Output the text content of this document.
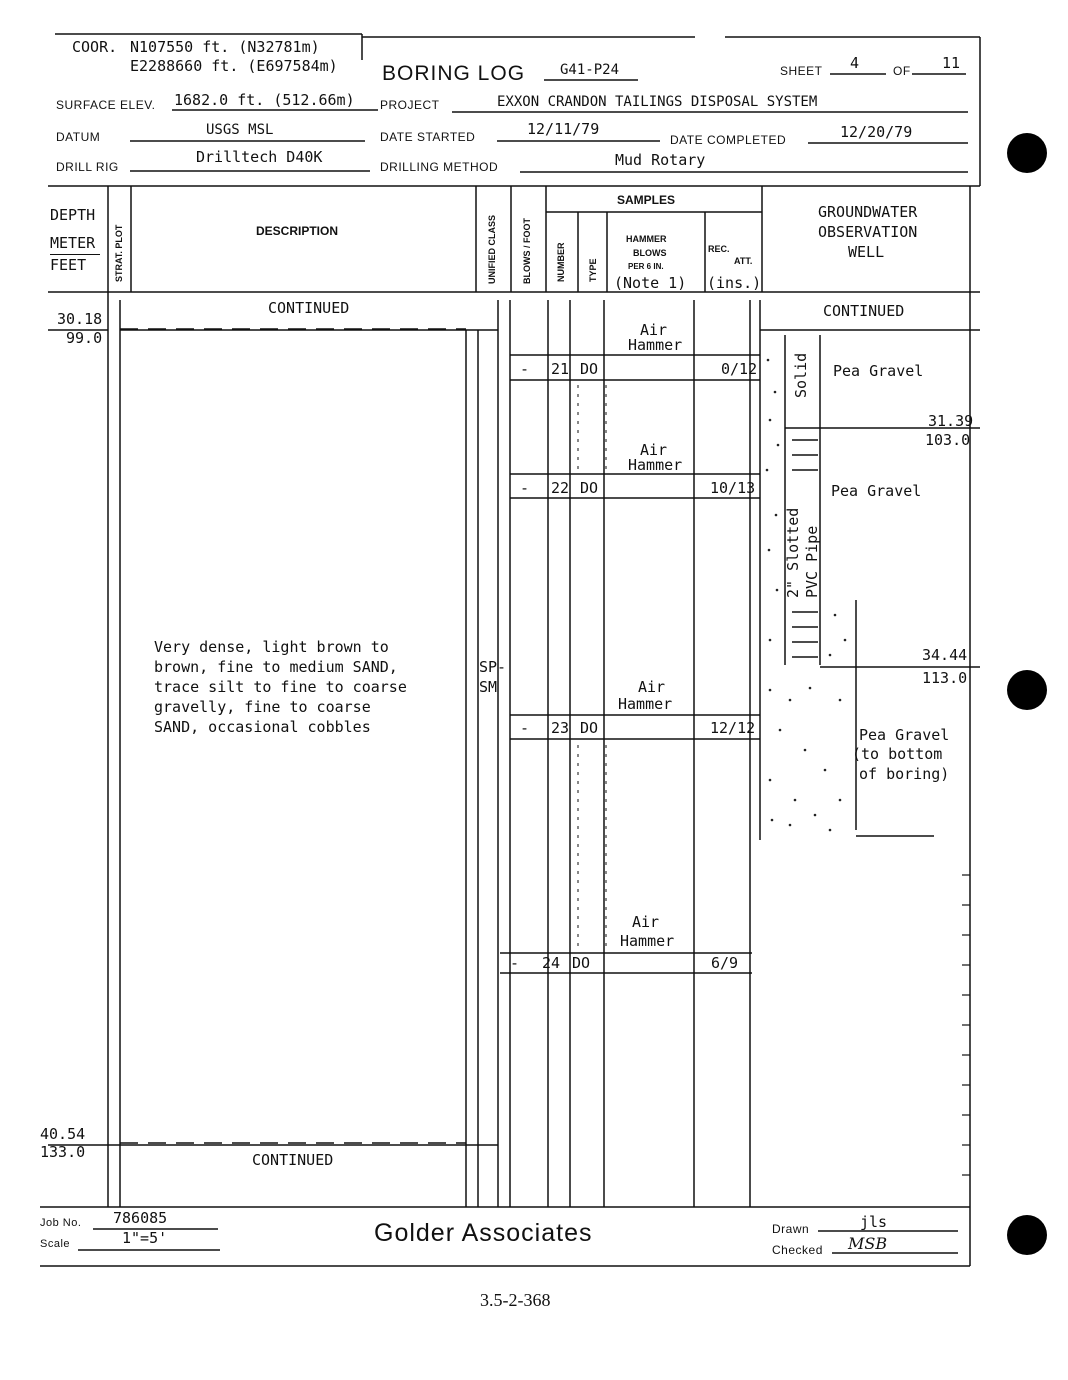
COOR. N107550 ft. (N32781m)
E2288660 ft. (E697584m) BORING LOG G41-P24	SHEET 4	OF 11
SURFACE ELEV. 1682.0 ft. (512.66m) PROJECT	EXXON CRANDON TAILINGS DISPOSAL SYSTEM
DATUM	USGS MSL	DATE STARTED	12/11/79
DATE COMPLETED	12/20/79
DRILL RIG
Drilltech D40K
DRILLING METHOD	Mud Rotary
DEPTH
METER
FEET	STRAT. PLOT	DESCRIPTION	UNIFIED CLASS	BLOWS / FOOT
SAMPLES
NUMBER TYPE
HAMMER
BLOWS
PER 6 IN.
(Note 1)
REC.
ATT.
(ins.)
GROUNDWATER
OBSERVATION
WELL
CONTINUED	CONTINUED
30.18
99.0
Very dense, light brown to
brown, fine to medium SAND,
trace silt to fine to coarse
gravelly, fine to coarse
SAND, occasional cobbles
SP-
SM
Air
Hammer
- 21 DO	0/12
Air
Hammer
- 22 DO	10/13
Air
Hammer
- 23 DO	12/12
Air
Hammer
- 24 DO	6/9
40.54
133.0	CONTINUED
Solid Pea Gravel
31.39
103.0
Pea Gravel
2" Slotted PVC Pipe
34.44
113.0
Pea Gravel
(to bottom
of boring)
Job No. 786085
Scale	1"=5'	Golder Associates	Drawn	jls
Checked MSB
3.5-2-368
